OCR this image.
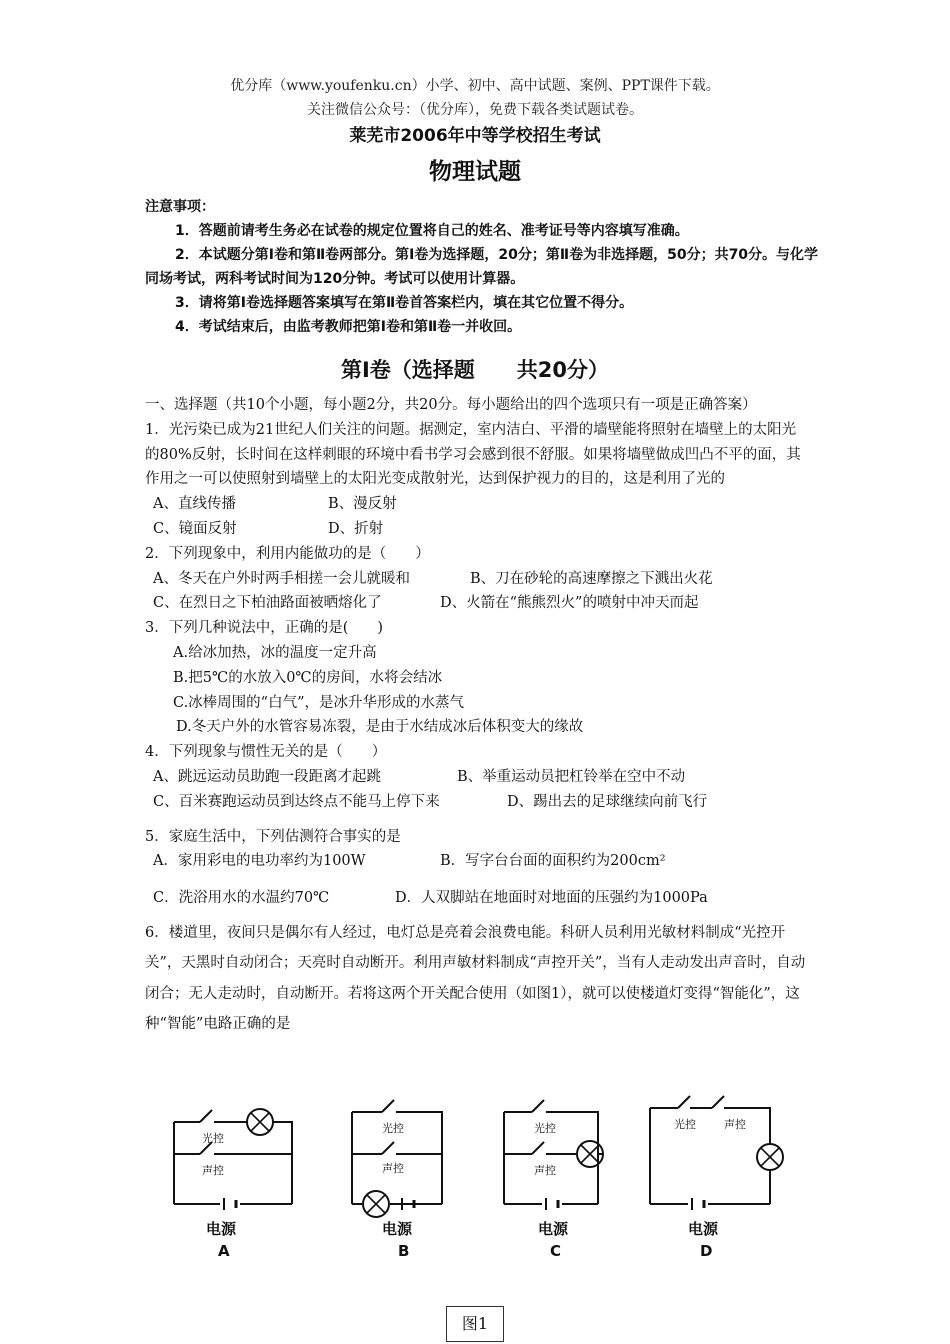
优分库（www.youfenku.cn）小学、初中、高中试题、案例、PPT课件下载。
关注微信公众号：（优分库），免费下载各类试题试卷。
莱芜市2006年中等学校招生考试
物理试题

注意事项：

1．答题前请考生务必在试卷的规定位置将自己的姓名、准考证号等内容填写准确。

2．本试题分第Ⅰ卷和第Ⅱ卷两部分。第Ⅰ卷为选择题，20分；第Ⅱ卷为非选择题，50分；共70分。与化学同场考试，两科考试时间为120分钟。考试可以使用计算器。

3．请将第Ⅰ卷选择题答案填写在第Ⅱ卷首答案栏内，填在其它位置不得分。

4．考试结束后，由监考教师把第Ⅰ卷和第Ⅱ卷一并收回。

第Ⅰ卷（选择题　　共20分）

一、选择题（共10个小题，每小题2分，共20分。每小题给出的四个选项只有一项是正确答案）

1．光污染已成为21世纪人们关注的问题。据测定，室内洁白、平滑的墙壁能将照射在墙壁上的太阳光的80%反射，长时间在这样刺眼的环境中看书学习会感到很不舒服。如果将墙壁做成凹凸不平的面，其作用之一可以使照射到墙壁上的太阳光变成散射光，达到保护视力的目的，这是利用了光的

A、直线传播	B、漫反射
C、镜面反射	D、折射

2．下列现象中，利用内能做功的是（　　）

A、冬天在户外时两手相搓一会儿就暖和	B、刀在砂轮的高速摩擦之下溅出火花
C、在烈日之下柏油路面被晒熔化了	D、火箭在“熊熊烈火”的喷射中冲天而起

3．下列几种说法中，正确的是(　　)

A.给冰加热，冰的温度一定升高
B.把5℃的水放入0℃的房间，水将会结冰
C.冰棒周围的“白气”，是冰升华形成的水蒸气
D.冬天户外的水管容易冻裂，是由于水结成冰后体积变大的缘故

4．下列现象与惯性无关的是（　　）

A、跳远运动员助跑一段距离才起跳	B、举重运动员把杠铃举在空中不动
C、百米赛跑运动员到达终点不能马上停下来	D、踢出去的足球继续向前飞行

5．家庭生活中，下列估测符合事实的是

A．家用彩电的电功率约为100W	B．写字台台面的面积约为200cm²
C．洗浴用水的水温约70℃	D．人双脚站在地面时对地面的压强约为1000Pa

6．楼道里，夜间只是偶尔有人经过，电灯总是亮着会浪费电能。科研人员利用光敏材料制成“光控开关”，天黑时自动闭合；天亮时自动断开。利用声敏材料制成“声控开关”，当有人走动发出声音时，自动闭合；无人走动时，自动断开。若将这两个开关配合使用（如图1），就可以使楼道灯变得“智能化”，这种“智能”电路正确的是

光控
声控
电源
A
光控
声控
电源
B
光控
声控
电源
C
光控	声控
电源
D
图1
